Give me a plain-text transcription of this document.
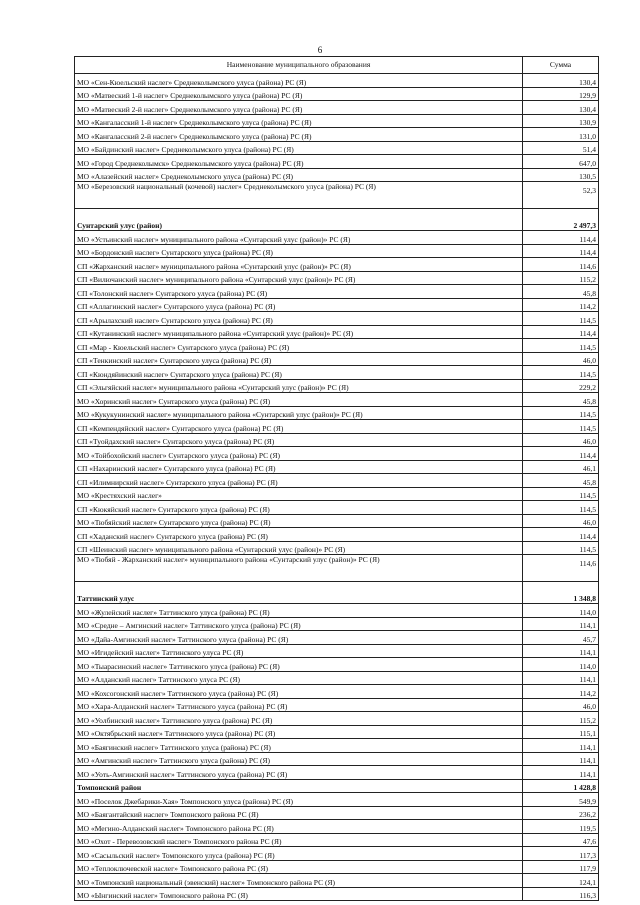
6
Наименование муниципального образования	Сумма
МО «Сен-Кюельский наслег» Среднеколымского улуса (района) РС (Я)	130,4
МО «Матвеский 1-й наслег» Среднеколымского улуса (района) РС (Я)	129,9
МО «Матвеский 2-й наслег» Среднеколымского улуса (района) РС (Я)	130,4
МО «Кангаласский 1-й наслег» Среднеколымского улуса (района) РС (Я)	130,9
МО «Кангаласский 2-й наслег» Среднеколымского улуса (района) РС (Я)	131,0
МО «Байдинский наслег» Среднеколымского улуса (района) РС (Я)	51,4
МО «Город Среднеколымск» Среднеколымского улуса (района) РС (Я)	647,0
МО «Алазейский наслег» Среднеколымского улуса (района) РС (Я)	130,5
МО «Березовский национальный (кочевой) наслег» Среднеколымского улуса (района) РС (Я)	52,3
Сунтарский улус (район)	2 497,3
МО «Устьинский наслег» муниципального района «Сунтарский улус (район)» РС (Я)	114,4
МО «Бордонский наслег» Сунтарского улуса (района) РС (Я)	114,4
СП «Жарханский наслег» муниципального района «Сунтарский улус (район)» РС (Я)	114,6
СП «Вилючанский наслег» муниципального района «Сунтарский улус (район)» РС (Я)	115,2
СП «Толонский наслег» Сунтарского улуса (района) РС (Я)	45,8
СП «Аллагинский наслег» Сунтарского улуса (района) РС (Я)	114,2
СП «Арылахский наслег» Сунтарского улуса (района) РС (Я)	114,5
СП «Кутанинский наслег» муниципального района «Сунтарский улус (район)» РС (Я)	114,4
СП «Мар - Кюельский наслег» Сунтарского улуса (района) РС (Я)	114,5
СП «Тенкинский наслег» Сунтарского улуса (района) РС (Я)	46,0
СП «Кюндяйинский наслег» Сунтарского улуса (района) РС (Я)	114,5
СП «Эльгяйский наслег» муниципального района «Сунтарский улус (район)» РС (Я)	229,2
МО «Хоринский наслег» Сунтарского улуса (района) РС (Я)	45,8
МО «Кукукунинский наслег» муниципального района «Сунтарский улус (район)» РС (Я)	114,5
СП «Кемпендяйский наслег» Сунтарского улуса (района) РС (Я)	114,5
СП «Туойдахский наслег» Сунтарского улуса (района) РС (Я)	46,0
МО «Тойбохойский наслег» Сунтарского улуса (района) РС (Я)	114,4
СП «Нахаринский наслег» Сунтарского улуса (района) РС (Я)	46,1
СП «Илимнирский наслег» Сунтарского улуса (района) РС (Я)	45,8
МО «Крестяхский наслег»	114,5
СП «Кюкяйский наслег» Сунтарского улуса (района) РС (Я)	114,5
МО «Тюбяйский наслег» Сунтарского улуса (района) РС (Я)	46,0
СП «Хаданский наслег» Сунтарского улуса (района) РС (Я)	114,4
СП «Шеинский наслег» муниципального района «Сунтарский улус (район)» РС (Я)	114,5
МО «Тюбяй - Жарханский наслег» муниципального района «Сунтарский улус (район)» РС (Я)	114,6
Таттинский улус	1 348,8
МО «Жулейский наслег» Таттинского улуса (района) РС (Я)	114,0
МО «Средне – Амгинский наслег» Таттинского улуса (района) РС (Я)	114,1
МО «Дайа-Амгинский наслег» Таттинского улуса (района) РС (Я)	45,7
МО «Игидейский наслег» Таттинского улуса РС (Я)	114,1
МО «Тыарасинский наслег» Таттинского улуса (района) РС (Я)	114,0
МО «Алданский наслег» Таттинского улуса РС (Я)	114,1
МО «Кохсогонский наслег» Таттинского улуса (района) РС (Я)	114,2
МО «Хара-Алданский наслег» Таттинского улуса (района) РС (Я)	46,0
МО «Уолбинский наслег» Таттинского улуса (района) РС (Я)	115,2
МО «Октябрьский наслег» Таттинского улуса (района) РС (Я)	115,1
МО «Баягинский наслег» Таттинского улуса (района) РС (Я)	114,1
МО «Амгинский наслег» Таттинского улуса (района) РС (Я)	114,1
МО «Уоть-Амгинский наслег» Таттинского улуса (района) РС (Я)	114,1
Томпонский район	1 428,8
МО «Поселок Джебарики-Хая» Томпонского улуса (района) РС (Я)	549,9
МО «Баягантайский наслег» Томпонского района РС (Я)	236,2
МО «Мегино-Алданский наслег» Томпонского района РС (Я)	119,5
МО «Охот - Перевозовский наслег» Томпонского района РС (Я)	47,6
МО «Сасыльский наслег» Томпонского улуса (района) РС (Я)	117,3
МО «Теплоключевской наслег» Томпонского района РС (Я)	117,9
МО «Томпонский национальный (эвенский) наслег» Томпонского района РС (Я)	124,1
МО «Ынгинский наслег» Томпонского района РС (Я)	116,3
